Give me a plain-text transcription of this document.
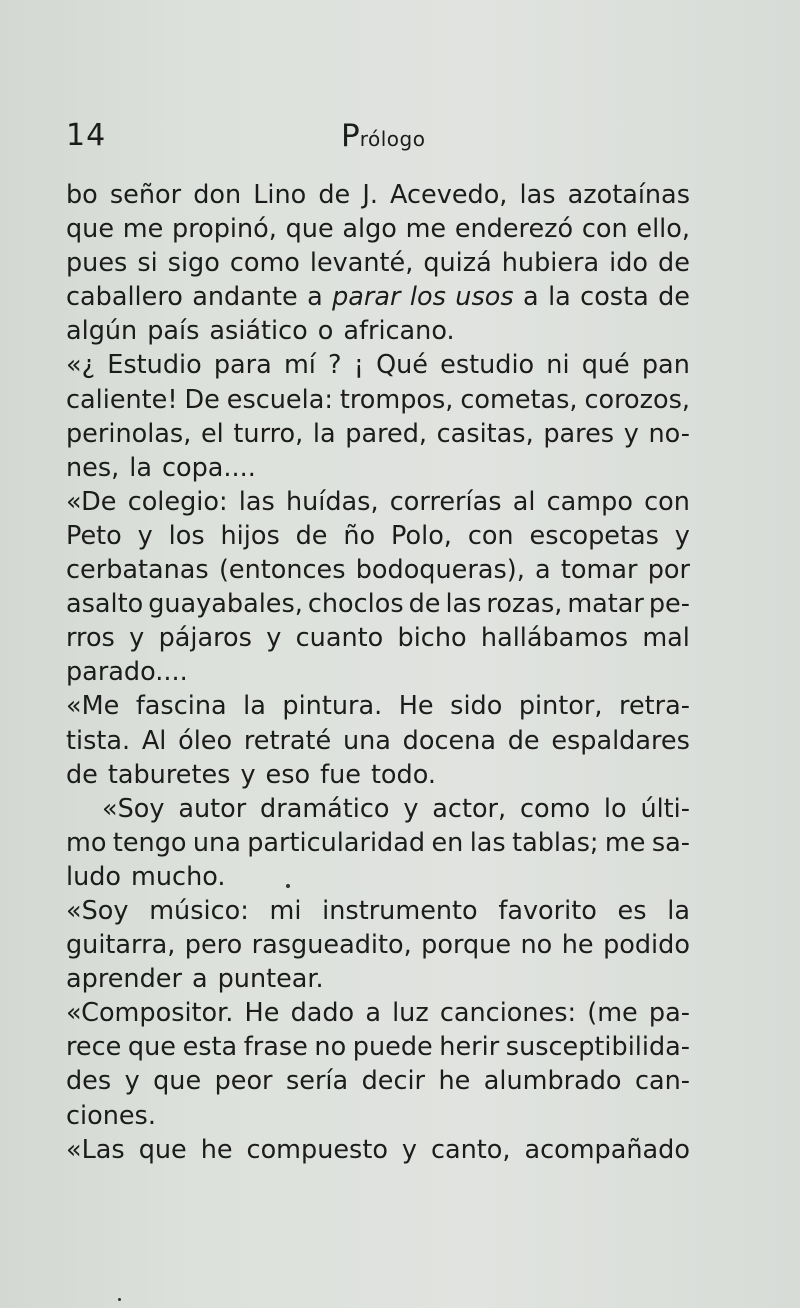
14	Prólogo
bo señor don Lino de J. Acevedo, las azotaínas
que me propinó, que algo me enderezó con ello,
pues si sigo como levanté, quizá hubiera ido de
caballero andante a parar los usos a la costa de
algún país asiático o africano.
«¿ Estudio para mí ? ¡ Qué estudio ni qué pan
caliente! De escuela: trompos, cometas, corozos,
perinolas, el turro, la pared, casitas, pares y no-
nes, la copa....
«De colegio: las huídas, correrías al campo con
Peto y los hijos de ño Polo, con escopetas y
cerbatanas (entonces bodoqueras), a tomar por
asalto guayabales, choclos de las rozas, matar pe-
rros y pájaros y cuanto bicho hallábamos mal
parado....
«Me fascina la pintura. He sido pintor, retra-
tista. Al óleo retraté una docena de espaldares
de taburetes y eso fue todo.
«Soy autor dramático y actor, como lo últi-
mo tengo una particularidad en las tablas; me sa-
ludo mucho.
«Soy músico: mi instrumento favorito es la
guitarra, pero rasgueadito, porque no he podido
aprender a puntear.
«Compositor. He dado a luz canciones: (me pa-
rece que esta frase no puede herir susceptibilida-
des y que peor sería decir he alumbrado can-
ciones.
«Las que he compuesto y canto, acompañado
